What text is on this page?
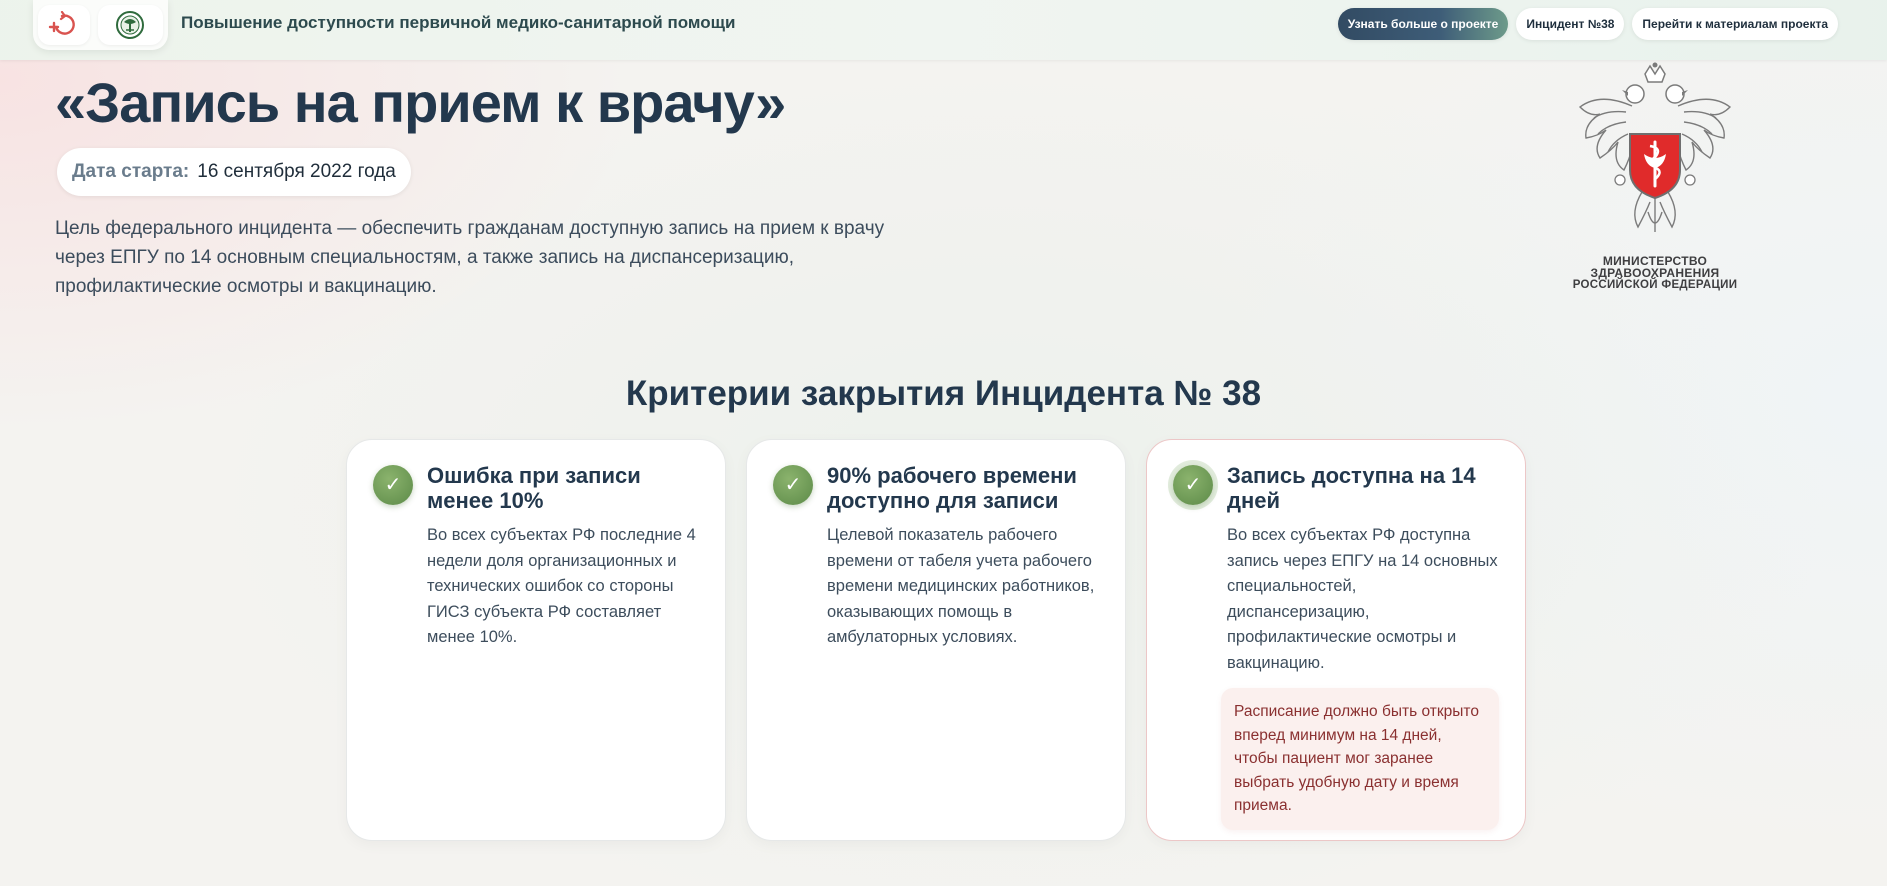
Повышение доступности первичной медико-санитарной помощи	Узнать больше о проекте	Инцидент №38	Перейти к материалам проекта
«Запись на прием к врачу»
Дата старта: 16 сентября 2022 года

Цель федерального инцидента — обеспечить гражданам доступную запись на прием к врачу через ЕПГУ по 14 основным специальностям, а также запись на диспансеризацию, профилактические осмотры и вакцинацию.

МИНИСТЕРСТВО
ЗДРАВООХРАНЕНИЯ
РОССИЙСКОЙ ФЕДЕРАЦИИ
Критерии закрытия Инцидента № 38
✓	Ошибка при записи менее 10%
Во всех субъектах РФ последние 4 недели доля организационных и технических ошибок со стороны ГИСЗ субъекта РФ составляет менее 10%.
✓	90% рабочего времени доступно для записи
Целевой показатель рабочего времени от табеля учета рабочего времени медицинских работников, оказывающих помощь в амбулаторных условиях.
✓	Запись доступна на 14 дней
Во всех субъектах РФ доступна запись через ЕПГУ на 14 основных специальностей, диспансеризацию, профилактические осмотры и вакцинацию.
Расписание должно быть открыто вперед минимум на 14 дней, чтобы пациент мог заранее выбрать удобную дату и время приема.
